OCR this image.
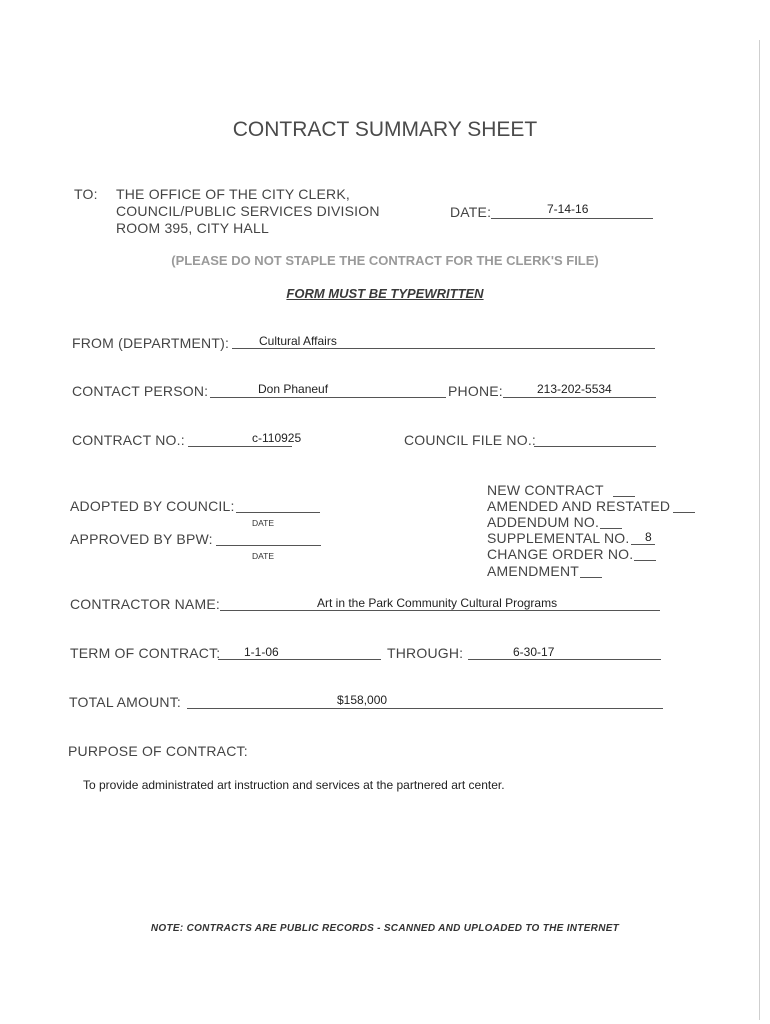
CONTRACT SUMMARY SHEET
TO: THE OFFICE OF THE CITY CLERK,
COUNCIL/PUBLIC SERVICES DIVISION
ROOM 395, CITY HALL
DATE:	7-14-16
(PLEASE DO NOT STAPLE THE CONTRACT FOR THE CLERK'S FILE)
FORM MUST BE TYPEWRITTEN
FROM (DEPARTMENT): Cultural Affairs
CONTACT PERSON:	Don Phaneuf	PHONE:	213-202-5534
CONTRACT NO.:	c-110925	COUNCIL FILE NO.:
ADOPTED BY COUNCIL:
DATE
APPROVED BY BPW:
DATE
NEW CONTRACT
AMENDED AND RESTATED
ADDENDUM NO.
SUPPLEMENTAL NO. 8
CHANGE ORDER NO.
AMENDMENT
CONTRACTOR NAME:	Art in the Park Community Cultural Programs
TERM OF CONTRACT: 1-1-06	THROUGH:	6-30-17
TOTAL AMOUNT:	$158,000
PURPOSE OF CONTRACT:
To provide administrated art instruction and services at the partnered art center.
NOTE: CONTRACTS ARE PUBLIC RECORDS - SCANNED AND UPLOADED TO THE INTERNET
